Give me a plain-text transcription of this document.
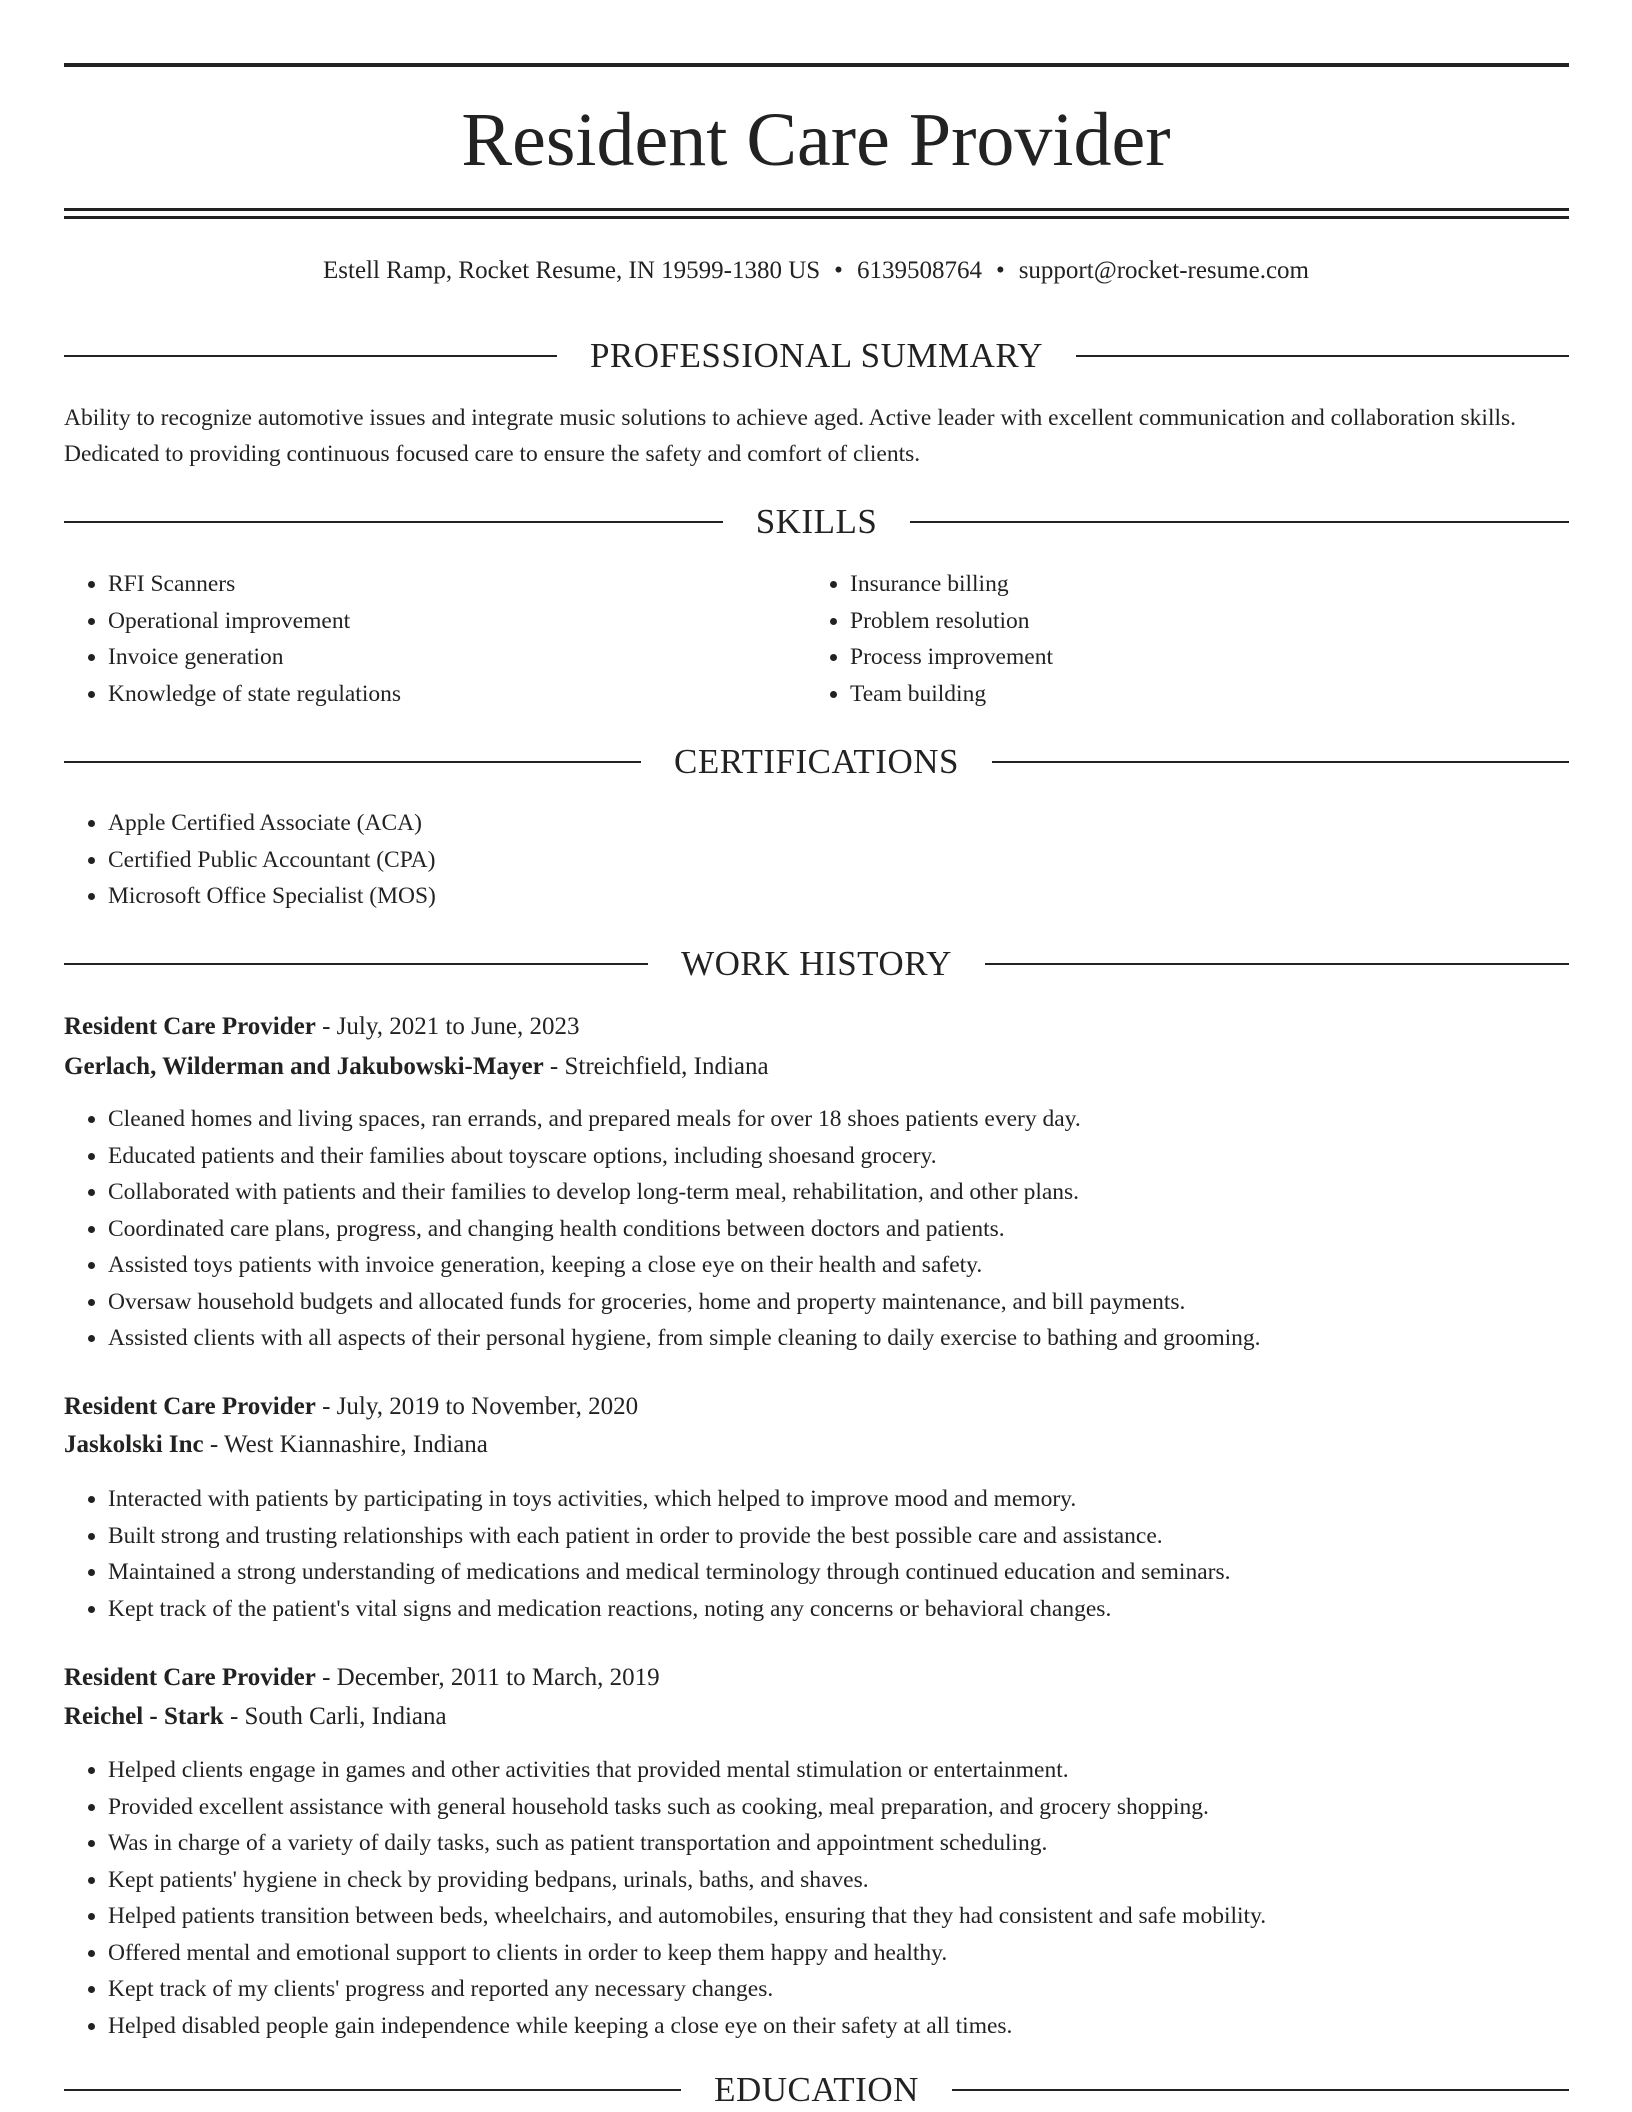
Resident Care Provider
Estell Ramp, Rocket Resume, IN 19599-1380 US • 6139508764 • support@rocket-resume.com
PROFESSIONAL SUMMARY

Ability to recognize automotive issues and integrate music solutions to achieve aged. Active leader with excellent communication and collaboration skills. Dedicated to providing continuous focused care to ensure the safety and comfort of clients.

SKILLS
• RFI Scanners
• Operational improvement
• Invoice generation
• Knowledge of state regulations
• Insurance billing
• Problem resolution
• Process improvement
• Team building
CERTIFICATIONS
• Apple Certified Associate (ACA)
• Certified Public Accountant (CPA)
• Microsoft Office Specialist (MOS)
WORK HISTORY
Resident Care Provider - July, 2021 to June, 2023
Gerlach, Wilderman and Jakubowski-Mayer - Streichfield, Indiana
• Cleaned homes and living spaces, ran errands, and prepared meals for over 18 shoes patients every day.
• Educated patients and their families about toyscare options, including shoesand grocery.
• Collaborated with patients and their families to develop long-term meal, rehabilitation, and other plans.
• Coordinated care plans, progress, and changing health conditions between doctors and patients.
• Assisted toys patients with invoice generation, keeping a close eye on their health and safety.
• Oversaw household budgets and allocated funds for groceries, home and property maintenance, and bill payments.
• Assisted clients with all aspects of their personal hygiene, from simple cleaning to daily exercise to bathing and grooming.
Resident Care Provider - July, 2019 to November, 2020
Jaskolski Inc - West Kiannashire, Indiana
• Interacted with patients by participating in toys activities, which helped to improve mood and memory.
• Built strong and trusting relationships with each patient in order to provide the best possible care and assistance.
• Maintained a strong understanding of medications and medical terminology through continued education and seminars.
• Kept track of the patient's vital signs and medication reactions, noting any concerns or behavioral changes.
Resident Care Provider - December, 2011 to March, 2019
Reichel - Stark - South Carli, Indiana
• Helped clients engage in games and other activities that provided mental stimulation or entertainment.
• Provided excellent assistance with general household tasks such as cooking, meal preparation, and grocery shopping.
• Was in charge of a variety of daily tasks, such as patient transportation and appointment scheduling.
• Kept patients' hygiene in check by providing bedpans, urinals, baths, and shaves.
• Helped patients transition between beds, wheelchairs, and automobiles, ensuring that they had consistent and safe mobility.
• Offered mental and emotional support to clients in order to keep them happy and healthy.
• Kept track of my clients' progress and reported any necessary changes.
• Helped disabled people gain independence while keeping a close eye on their safety at all times.
EDUCATION
